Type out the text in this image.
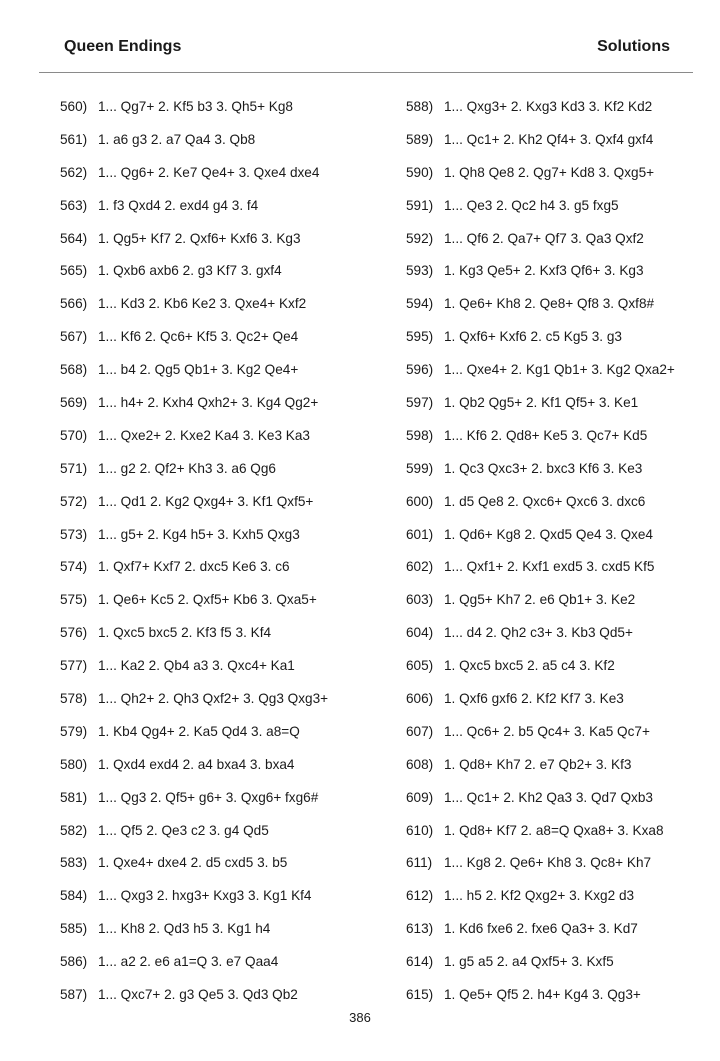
Queen Endings	Solutions
560) 1... Qg7+ 2. Kf5 b3 3. Qh5+ Kg8
561) 1. a6 g3 2. a7 Qa4 3. Qb8
562) 1... Qg6+ 2. Ke7 Qe4+ 3. Qxe4 dxe4
563) 1. f3 Qxd4 2. exd4 g4 3. f4
564) 1. Qg5+ Kf7 2. Qxf6+ Kxf6 3. Kg3
565) 1. Qxb6 axb6 2. g3 Kf7 3. gxf4
566) 1... Kd3 2. Kb6 Ke2 3. Qxe4+ Kxf2
567) 1... Kf6 2. Qc6+ Kf5 3. Qc2+ Qe4
568) 1... b4 2. Qg5 Qb1+ 3. Kg2 Qe4+
569) 1... h4+ 2. Kxh4 Qxh2+ 3. Kg4 Qg2+
570) 1... Qxe2+ 2. Kxe2 Ka4 3. Ke3 Ka3
571) 1... g2 2. Qf2+ Kh3 3. a6 Qg6
572) 1... Qd1 2. Kg2 Qxg4+ 3. Kf1 Qxf5+
573) 1... g5+ 2. Kg4 h5+ 3. Kxh5 Qxg3
574) 1. Qxf7+ Kxf7 2. dxc5 Ke6 3. c6
575) 1. Qe6+ Kc5 2. Qxf5+ Kb6 3. Qxa5+
576) 1. Qxc5 bxc5 2. Kf3 f5 3. Kf4
577) 1... Ka2 2. Qb4 a3 3. Qxc4+ Ka1
578) 1... Qh2+ 2. Qh3 Qxf2+ 3. Qg3 Qxg3+
579) 1. Kb4 Qg4+ 2. Ka5 Qd4 3. a8=Q
580) 1. Qxd4 exd4 2. a4 bxa4 3. bxa4
581) 1... Qg3 2. Qf5+ g6+ 3. Qxg6+ fxg6#
582) 1... Qf5 2. Qe3 c2 3. g4 Qd5
583) 1. Qxe4+ dxe4 2. d5 cxd5 3. b5
584) 1... Qxg3 2. hxg3+ Kxg3 3. Kg1 Kf4
585) 1... Kh8 2. Qd3 h5 3. Kg1 h4
586) 1... a2 2. e6 a1=Q 3. e7 Qaa4
587) 1... Qxc7+ 2. g3 Qe5 3. Qd3 Qb2
588) 1... Qxg3+ 2. Kxg3 Kd3 3. Kf2 Kd2
589) 1... Qc1+ 2. Kh2 Qf4+ 3. Qxf4 gxf4
590) 1. Qh8 Qe8 2. Qg7+ Kd8 3. Qxg5+
591) 1... Qe3 2. Qc2 h4 3. g5 fxg5
592) 1... Qf6 2. Qa7+ Qf7 3. Qa3 Qxf2
593) 1. Kg3 Qe5+ 2. Kxf3 Qf6+ 3. Kg3
594) 1. Qe6+ Kh8 2. Qe8+ Qf8 3. Qxf8#
595) 1. Qxf6+ Kxf6 2. c5 Kg5 3. g3
596) 1... Qxe4+ 2. Kg1 Qb1+ 3. Kg2 Qxa2+
597) 1. Qb2 Qg5+ 2. Kf1 Qf5+ 3. Ke1
598) 1... Kf6 2. Qd8+ Ke5 3. Qc7+ Kd5
599) 1. Qc3 Qxc3+ 2. bxc3 Kf6 3. Ke3
600) 1. d5 Qe8 2. Qxc6+ Qxc6 3. dxc6
601) 1. Qd6+ Kg8 2. Qxd5 Qe4 3. Qxe4
602) 1... Qxf1+ 2. Kxf1 exd5 3. cxd5 Kf5
603) 1. Qg5+ Kh7 2. e6 Qb1+ 3. Ke2
604) 1... d4 2. Qh2 c3+ 3. Kb3 Qd5+
605) 1. Qxc5 bxc5 2. a5 c4 3. Kf2
606) 1. Qxf6 gxf6 2. Kf2 Kf7 3. Ke3
607) 1... Qc6+ 2. b5 Qc4+ 3. Ka5 Qc7+
608) 1. Qd8+ Kh7 2. e7 Qb2+ 3. Kf3
609) 1... Qc1+ 2. Kh2 Qa3 3. Qd7 Qxb3
610) 1. Qd8+ Kf7 2. a8=Q Qxa8+ 3. Kxa8
611) 1... Kg8 2. Qe6+ Kh8 3. Qc8+ Kh7
612) 1... h5 2. Kf2 Qxg2+ 3. Kxg2 d3
613) 1. Kd6 fxe6 2. fxe6 Qa3+ 3. Kd7
614) 1. g5 a5 2. a4 Qxf5+ 3. Kxf5
615) 1. Qe5+ Qf5 2. h4+ Kg4 3. Qg3+
386
